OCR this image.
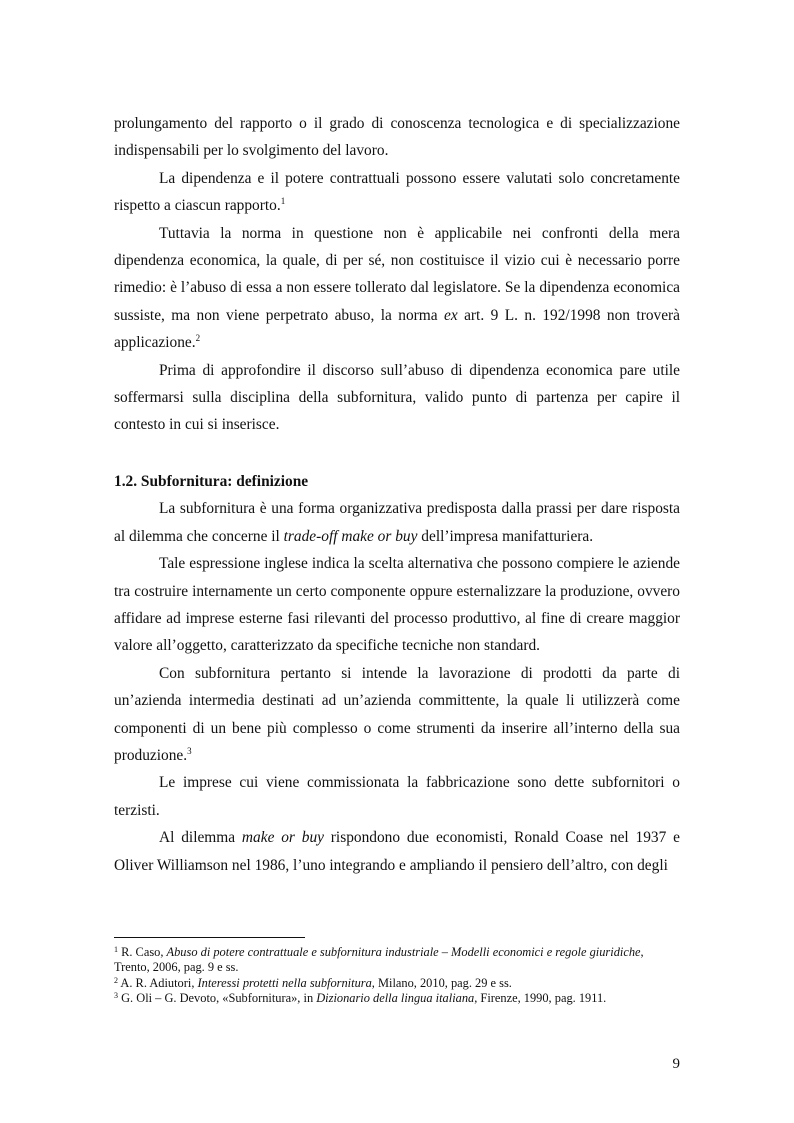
prolungamento del rapporto o il grado di conoscenza tecnologica e di specializzazione indispensabili per lo svolgimento del lavoro.

La dipendenza e il potere contrattuali possono essere valutati solo concretamente rispetto a ciascun rapporto.$^1$

Tuttavia la norma in questione non è applicabile nei confronti della mera dipendenza economica, la quale, di per sé, non costituisce il vizio cui è necessario porre rimedio: è l’abuso di essa a non essere tollerato dal legislatore. Se la dipendenza economica sussiste, ma non viene perpetrato abuso, la norma ex art. 9 L. n. 192/1998 non troverà applicazione.$^2$

Prima di approfondire il discorso sull’abuso di dipendenza economica pare utile soffermarsi sulla disciplina della subfornitura, valido punto di partenza per capire il contesto in cui si inserisce.

1.2. Subfornitura: definizione

La subfornitura è una forma organizzativa predisposta dalla prassi per dare risposta al dilemma che concerne il trade-off make or buy dell’impresa manifatturiera.

Tale espressione inglese indica la scelta alternativa che possono compiere le aziende tra costruire internamente un certo componente oppure esternalizzare la produzione, ovvero affidare ad imprese esterne fasi rilevanti del processo produttivo, al fine di creare maggior valore all’oggetto, caratterizzato da specifiche tecniche non standard.

Con subfornitura pertanto si intende la lavorazione di prodotti da parte di un’azienda intermedia destinati ad un’azienda committente, la quale li utilizzerà come componenti di un bene più complesso o come strumenti da inserire all’interno della sua produzione.$^3$

Le imprese cui viene commissionata la fabbricazione sono dette subfornitori o terzisti.

Al dilemma make or buy rispondono due economisti, Ronald Coase nel 1937 e Oliver Williamson nel 1986, l’uno integrando e ampliando il pensiero dell’altro, con degli

$^1$ R. Caso, Abuso di potere contrattuale e subfornitura industriale – Modelli economici e regole giuridiche, Trento, 2006, pag. 9 e ss.

$^2$ A. R. Adiutori, Interessi protetti nella subfornitura, Milano, 2010, pag. 29 e ss.

$^3$ G. Oli – G. Devoto, «Subfornitura», in Dizionario della lingua italiana, Firenze, 1990, pag. 1911.

9
